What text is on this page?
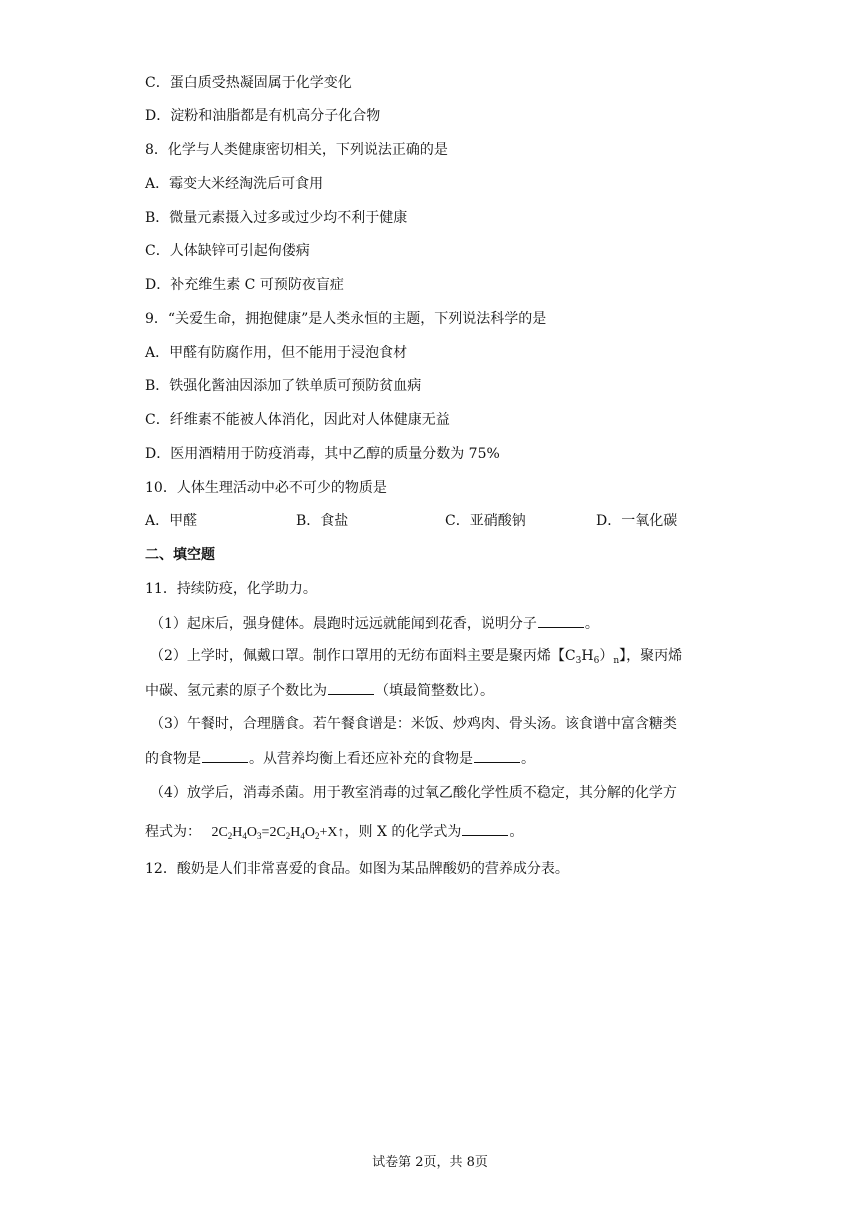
C．蛋白质受热凝固属于化学变化
D．淀粉和油脂都是有机高分子化合物
8．化学与人类健康密切相关，下列说法正确的是
A．霉变大米经淘洗后可食用
B．微量元素摄入过多或过少均不利于健康
C．人体缺锌可引起佝偻病
D．补充维生素 C 可预防夜盲症
9．“关爱生命，拥抱健康”是人类永恒的主题，下列说法科学的是
A．甲醛有防腐作用，但不能用于浸泡食材
B．铁强化酱油因添加了铁单质可预防贫血病
C．纤维素不能被人体消化，因此对人体健康无益
D．医用酒精用于防疫消毒，其中乙醇的质量分数为 75%
10．人体生理活动中必不可少的物质是
A．甲醛	B．食盐	C．亚硝酸钠	D．一氧化碳
二、填空题
11．持续防疫，化学助力。
（1）起床后，强身健体。晨跑时远远就能闻到花香，说明分子	。
（2）上学时，佩戴口罩。制作口罩用的无纺布面料主要是聚丙烯【$C_3H_6)_n$】，聚丙烯
中碳、氢元素的原子个数比为	（填最简整数比）。
（3）午餐时，合理膳食。若午餐食谱是：米饭、炒鸡肉、骨头汤。该食谱中富含糖类
的食物是	。从营养均衡上看还应补充的食物是	。
（4）放学后，消毒杀菌。用于教室消毒的过氧乙酸化学性质不稳定，其分解的化学方
程式为： $2C_2H_4O_3=2C_2H_4O_2+X↑$，则 X 的化学式为	。
12．酸奶是人们非常喜爱的食品。如图为某品牌酸奶的营养成分表。
试卷第 2页，共 8页
